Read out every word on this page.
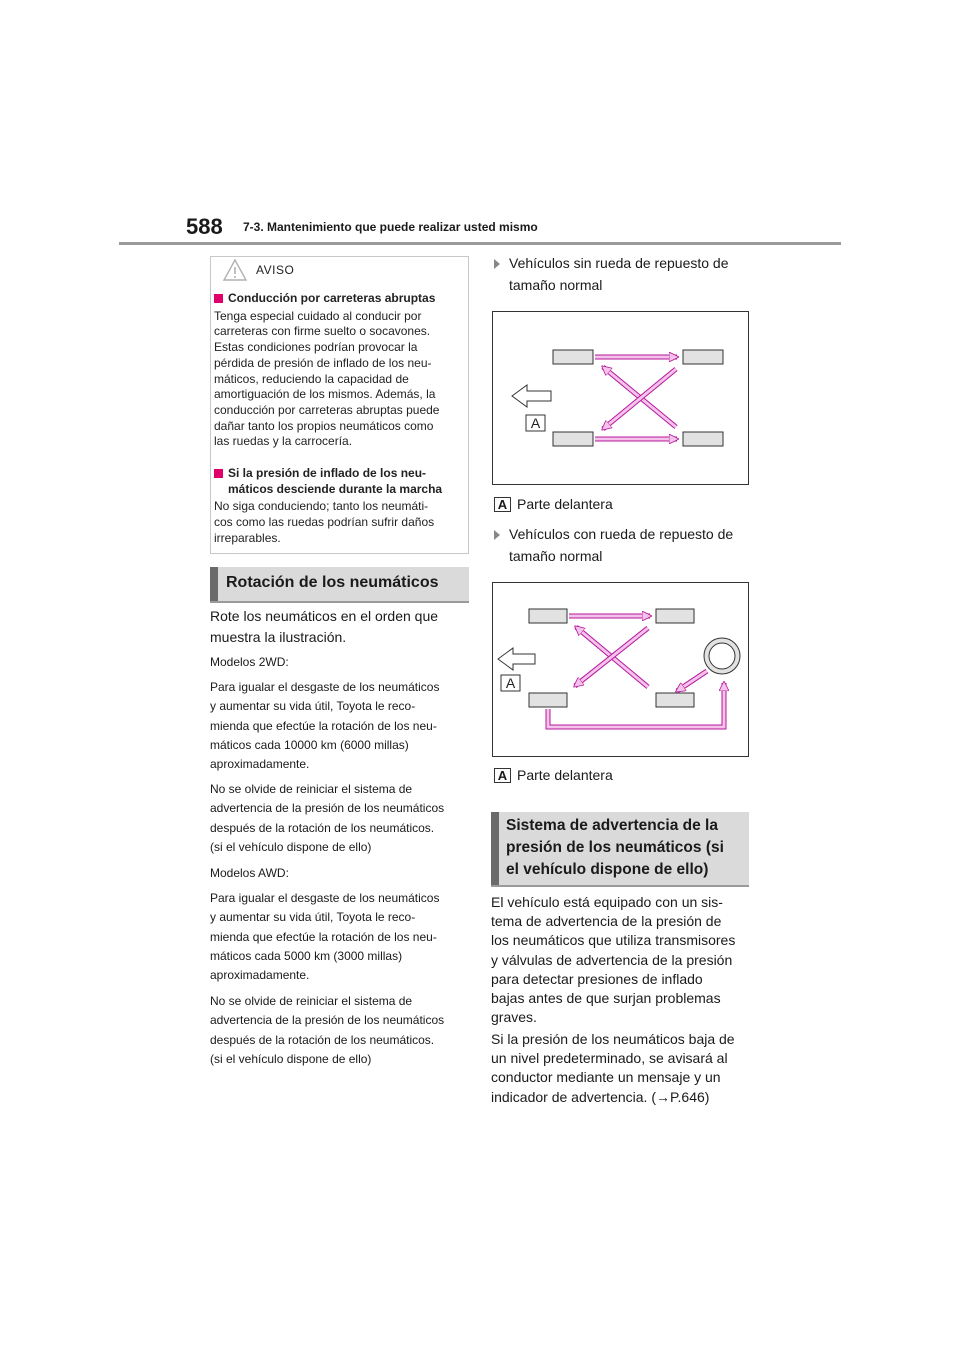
588 7-3. Mantenimiento que puede realizar usted mismo
AVISO
Conducción por carreteras abruptas
Tenga especial cuidado al conducir por
carreteras con firme suelto o socavones.
Estas condiciones podrían provocar la
pérdida de presión de inflado de los neu-
máticos, reduciendo la capacidad de
amortiguación de los mismos. Además, la
conducción por carreteras abruptas puede
dañar tanto los propios neumáticos como
las ruedas y la carrocería.
Si la presión de inflado de los neu-
máticos desciende durante la marcha
No siga conduciendo; tanto los neumáti-
cos como las ruedas podrían sufrir daños
irreparables.
Rotación de los neumáticos
Rote los neumáticos en el orden que
muestra la ilustración.
Modelos 2WD:
Para igualar el desgaste de los neumáticos
y aumentar su vida útil, Toyota le reco-
mienda que efectúe la rotación de los neu-
máticos cada 10000 km (6000 millas)
aproximadamente.
No se olvide de reiniciar el sistema de
advertencia de la presión de los neumáticos
después de la rotación de los neumáticos.
(si el vehículo dispone de ello)
Modelos AWD:
Para igualar el desgaste de los neumáticos
y aumentar su vida útil, Toyota le reco-
mienda que efectúe la rotación de los neu-
máticos cada 5000 km (3000 millas)
aproximadamente.
No se olvide de reiniciar el sistema de
advertencia de la presión de los neumáticos
después de la rotación de los neumáticos.
(si el vehículo dispone de ello)
Vehículos sin rueda de repuesto de
tamaño normal
A
A Parte delantera
Vehículos con rueda de repuesto de
tamaño normal
A
A Parte delantera
Sistema de advertencia de la
presión de los neumáticos (si
el vehículo dispone de ello)
El vehículo está equipado con un sis-
tema de advertencia de la presión de
los neumáticos que utiliza transmisores
y válvulas de advertencia de la presión
para detectar presiones de inflado
bajas antes de que surjan problemas
graves.
Si la presión de los neumáticos baja de
un nivel predeterminado, se avisará al
conductor mediante un mensaje y un
indicador de advertencia. (→P.646)
